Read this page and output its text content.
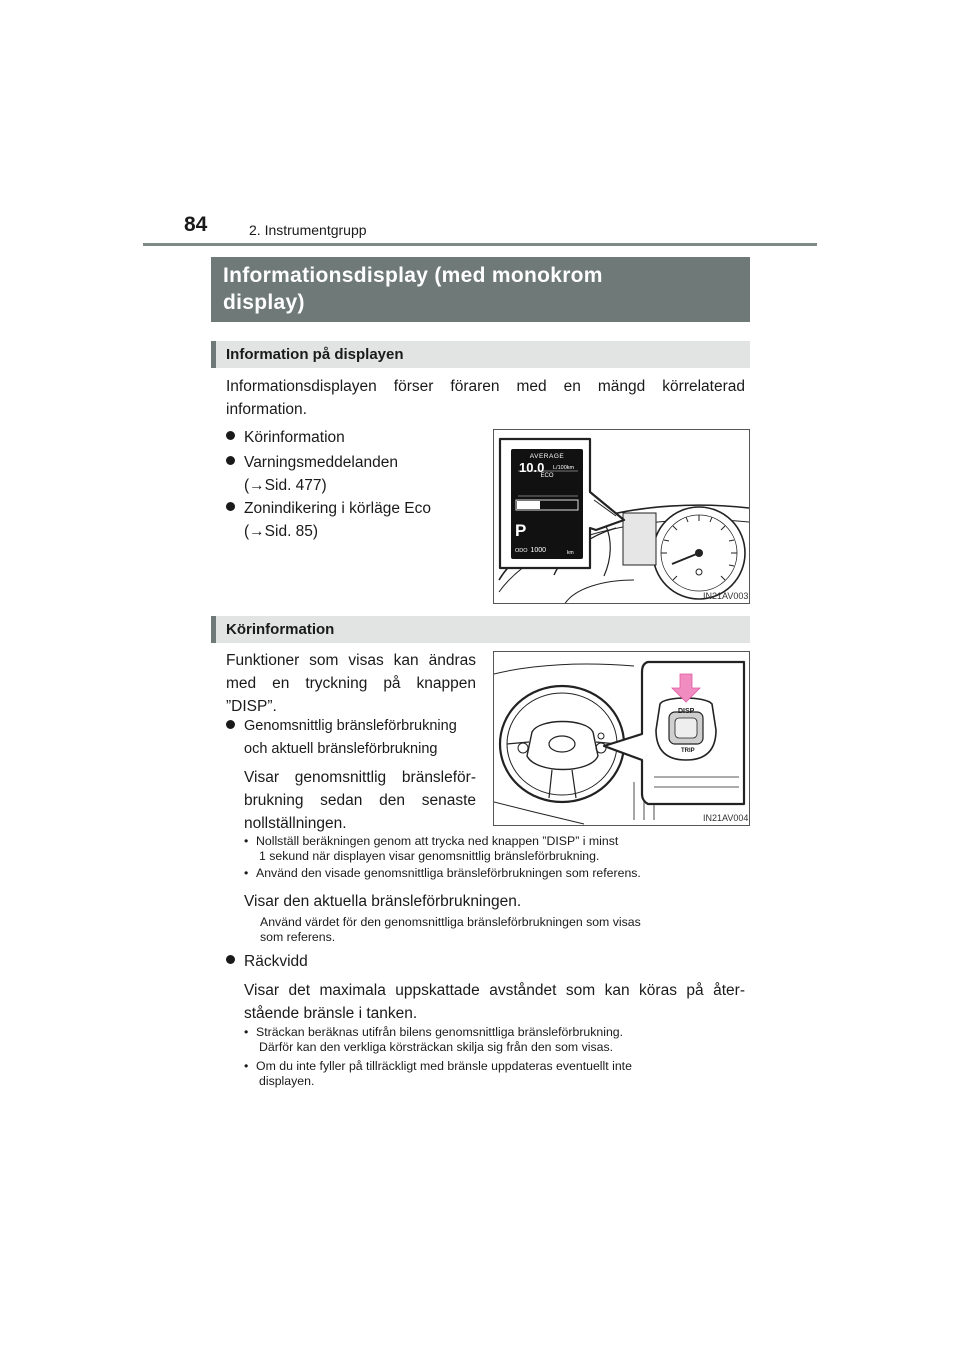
84	2. Instrumentgrupp
Informationsdisplay (med monokrom
display)
Information på displayen
Informationsdisplayen förser föraren med en mängd körrelaterad
information.
Körinformation
Varningsmeddelanden
(→Sid. 477)
Zonindikering i körläge Eco
(→Sid. 85)
1000
AVERAGE
10.0 L/100km
ECO
P
ODO	km
IN21AV003
Körinformation
Funktioner som visas kan ändras
med en tryckning på knappen
”DISP”.
Genomsnittlig bränsleförbrukning
och aktuell bränsleförbrukning
Visar genomsnittlig bränsleför-
brukning sedan den senaste
nollställningen.
DISP
TRIP
IN21AV004
• Nollställ beräkningen genom att trycka ned knappen ”DISP” i minst
1 sekund när displayen visar genomsnittlig bränsleförbrukning.
• Använd den visade genomsnittliga bränsleförbrukningen som referens.
Visar den aktuella bränsleförbrukningen.
Använd värdet för den genomsnittliga bränsleförbrukningen som visas
som referens.
Räckvidd
Visar det maximala uppskattade avståndet som kan köras på åter-
stående bränsle i tanken.
• Sträckan beräknas utifrån bilens genomsnittliga bränsleförbrukning.
Därför kan den verkliga körsträckan skilja sig från den som visas.
• Om du inte fyller på tillräckligt med bränsle uppdateras eventuellt inte
displayen.
